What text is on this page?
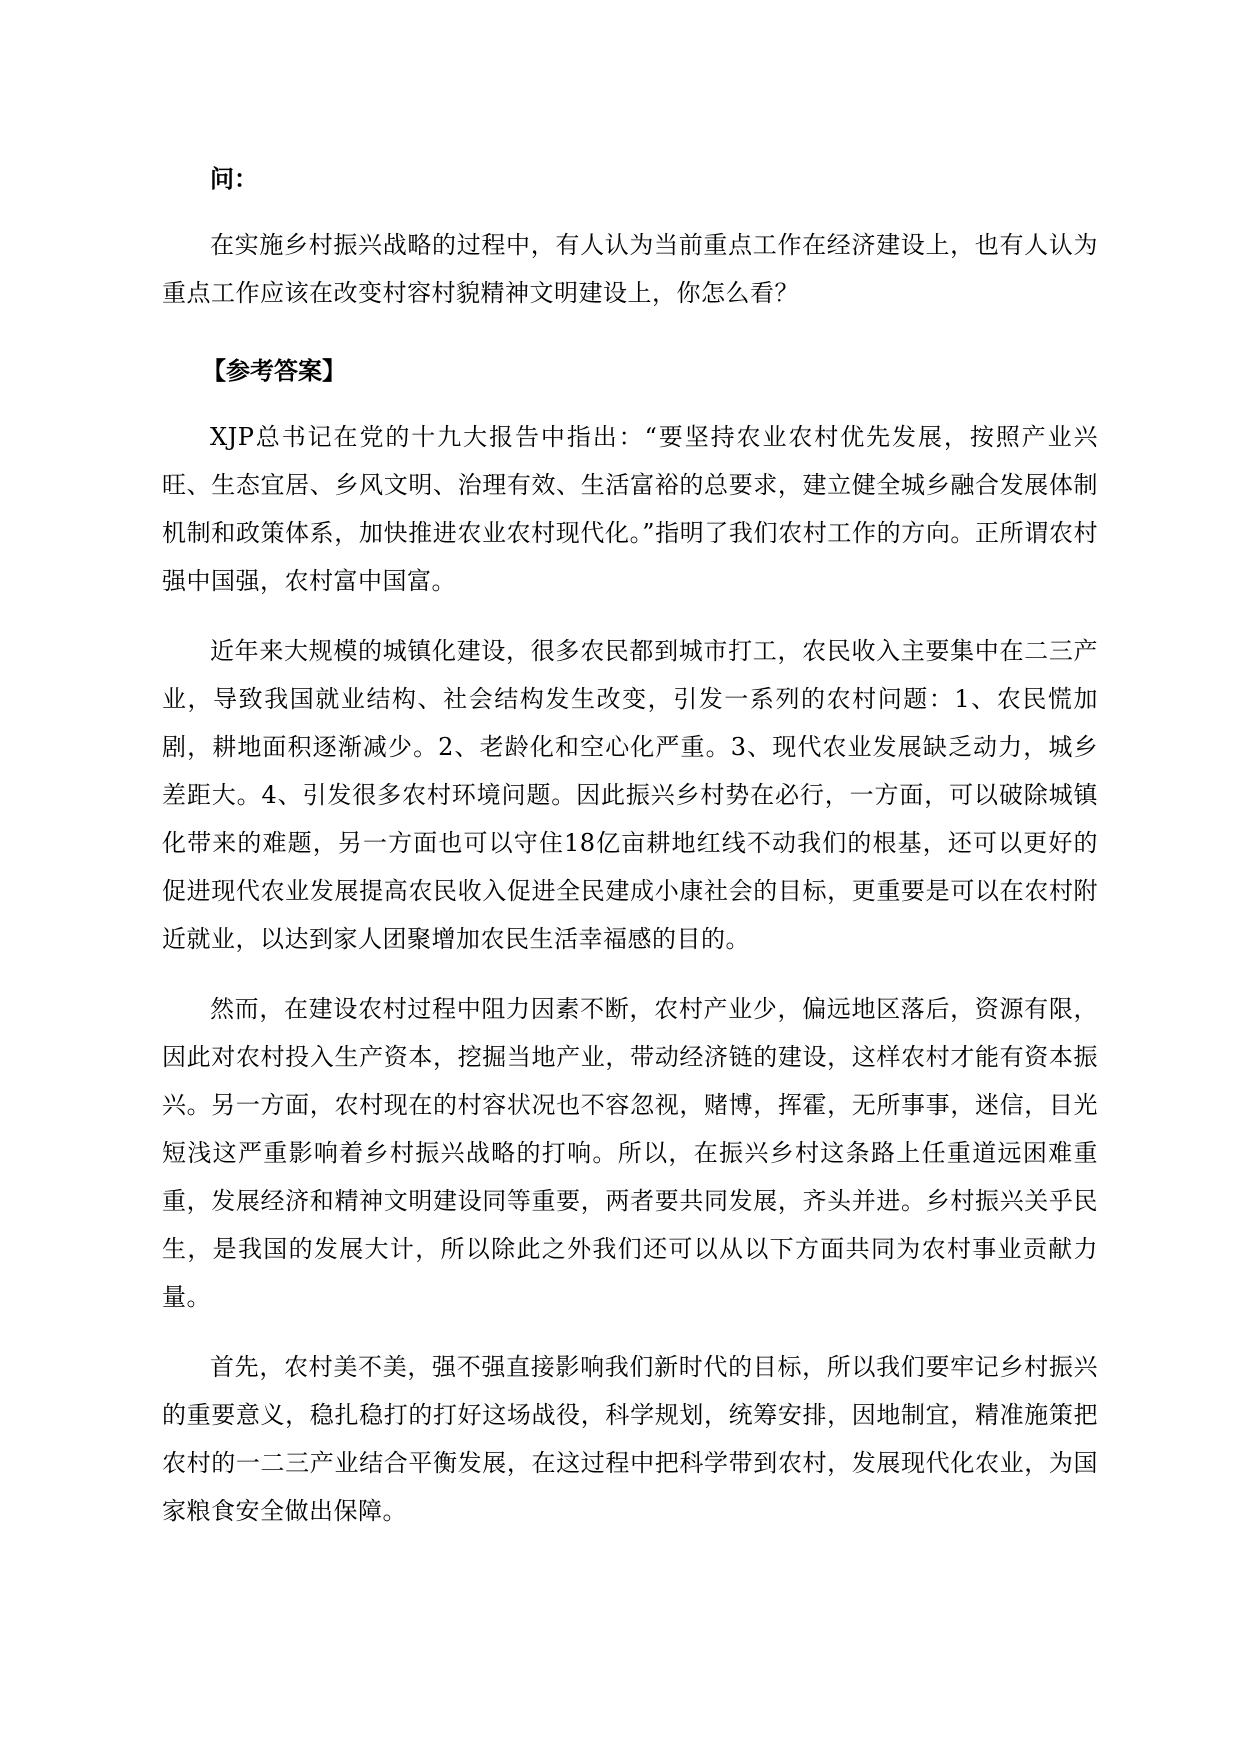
问：

在实施乡村振兴战略的过程中，有人认为当前重点工作在经济建设上，也有人认为重点工作应该在改变村容村貌精神文明建设上，你怎么看？

【参考答案】

XJP总书记在党的十九大报告中指出：“要坚持农业农村优先发展，按照产业兴旺、生态宜居、乡风文明、治理有效、生活富裕的总要求，建立健全城乡融合发展体制机制和政策体系，加快推进农业农村现代化。”指明了我们农村工作的方向。正所谓农村强中国强，农村富中国富。

近年来大规模的城镇化建设，很多农民都到城市打工，农民收入主要集中在二三产业，导致我国就业结构、社会结构发生改变，引发一系列的农村问题：1、农民慌加剧，耕地面积逐渐减少。2、老龄化和空心化严重。3、现代农业发展缺乏动力，城乡差距大。4、引发很多农村环境问题。因此振兴乡村势在必行，一方面，可以破除城镇化带来的难题，另一方面也可以守住18亿亩耕地红线不动我们的根基，还可以更好的促进现代农业发展提高农民收入促进全民建成小康社会的目标，更重要是可以在农村附近就业，以达到家人团聚增加农民生活幸福感的目的。

然而，在建设农村过程中阻力因素不断，农村产业少，偏远地区落后，资源有限，因此对农村投入生产资本，挖掘当地产业，带动经济链的建设，这样农村才能有资本振兴。另一方面，农村现在的村容状况也不容忽视，赌博，挥霍，无所事事，迷信，目光短浅这严重影响着乡村振兴战略的打响。所以，在振兴乡村这条路上任重道远困难重重，发展经济和精神文明建设同等重要，两者要共同发展，齐头并进。乡村振兴关乎民生，是我国的发展大计，所以除此之外我们还可以从以下方面共同为农村事业贡献力量。

首先，农村美不美，强不强直接影响我们新时代的目标，所以我们要牢记乡村振兴的重要意义，稳扎稳打的打好这场战役，科学规划，统筹安排，因地制宜，精准施策把农村的一二三产业结合平衡发展，在这过程中把科学带到农村，发展现代化农业，为国家粮食安全做出保障。
